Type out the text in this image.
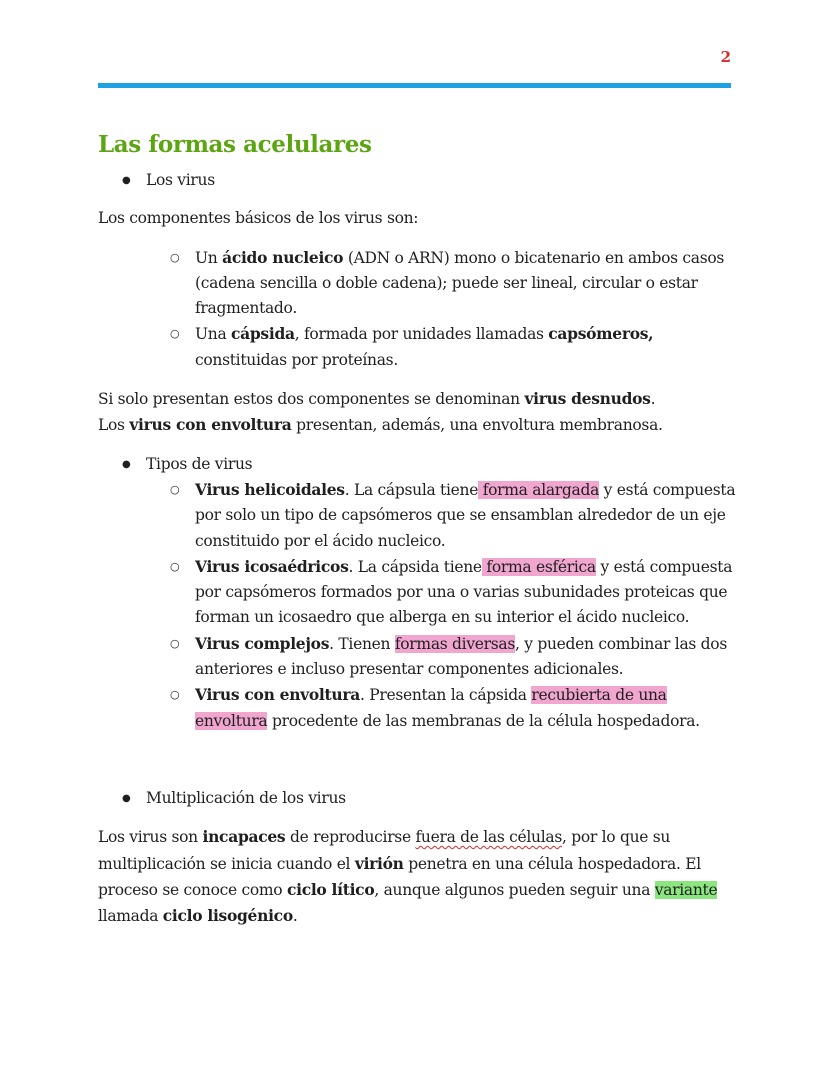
2
Las formas acelulares
●
Los virus

Los componentes básicos de los virus son:

○
Un ácido nucleico (ADN o ARN) mono o bicatenario en ambos casos (cadena sencilla o doble cadena); puede ser lineal, circular o estar fragmentado.
○
Una cápsida, formada por unidades llamadas capsómeros, constituidas por proteínas.

Si solo presentan estos dos componentes se denominan virus desnudos.

Los virus con envoltura presentan, además, una envoltura membranosa.

●
Tipos de virus
○
Virus helicoidales. La cápsula tiene forma alargada y está compuesta por solo un tipo de capsómeros que se ensamblan alrededor de un eje constituido por el ácido nucleico.
○
Virus icosaédricos. La cápsida tiene forma esférica y está compuesta por capsómeros formados por una o varias subunidades proteicas que forman un icosaedro que alberga en su interior el ácido nucleico.
○
Virus complejos. Tienen formas diversas, y pueden combinar las dos anteriores e incluso presentar componentes adicionales.
○
Virus con envoltura. Presentan la cápsida recubierta de una envoltura procedente de las membranas de la célula hospedadora.
●
Multiplicación de los virus

Los virus son incapaces de reproducirse fuera de las células, por lo que su multiplicación se inicia cuando el virión penetra en una célula hospedadora. El proceso se conoce como ciclo lítico, aunque algunos pueden seguir una variante llamada ciclo lisogénico.
